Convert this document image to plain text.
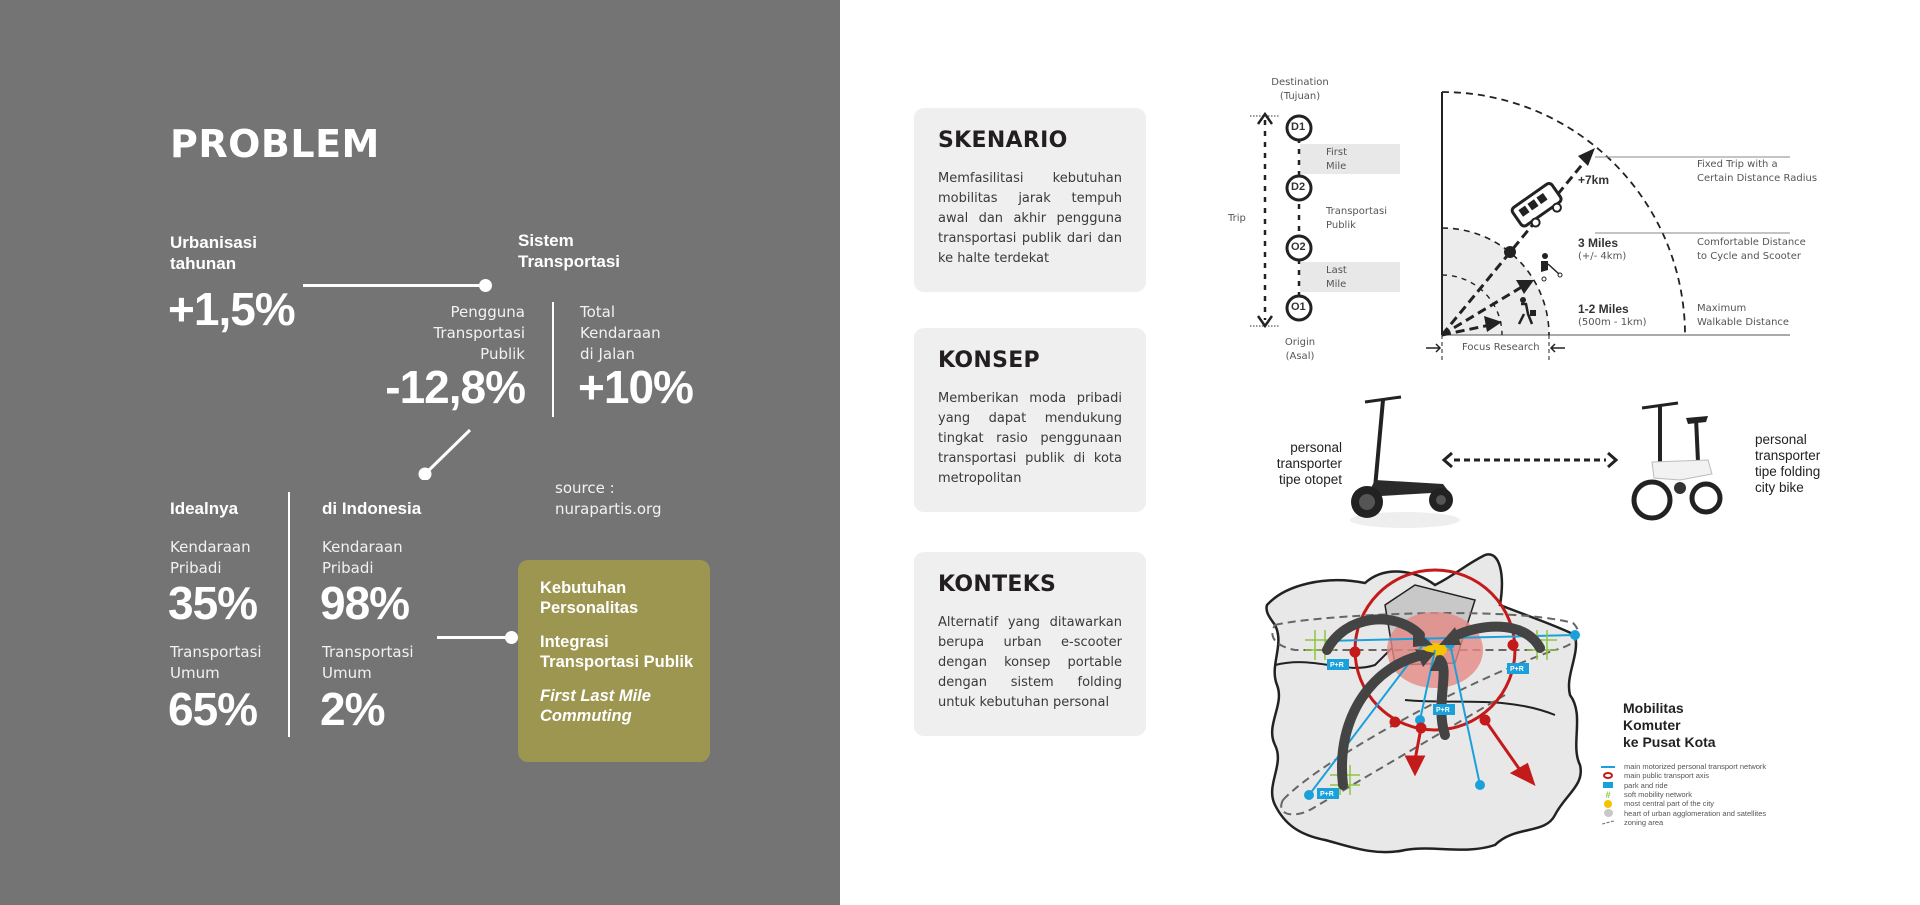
PROBLEM
Urbanisasi
tahunan
+1,5%
Sistem
Transportasi
Pengguna
Transportasi
Publik
-12,8%
Total
Kendaraan
di Jalan
+10%
Idealnya
Kendaraan
Pribadi
35%
Transportasi
Umum
65%
di Indonesia
Kendaraan
Pribadi
98%
Transportasi
Umum
2%
source :
nurapartis.org
Kebutuhan
Personalitas
Integrasi
Transportasi Publik
First Last Mile
Commuting
SKENARIO
Memfasilitasi kebutuhan mobilitas jarak tempuh awal dan akhir pengguna transportasi publik dari dan ke halte terdekat
KONSEP
Memberikan moda pribadi yang dapat mendukung tingkat rasio penggunaan transportasi publik di kota metropolitan
KONTEKS
Alternatif yang ditawarkan berupa urban e-scooter dengan konsep portable dengan sistem folding untuk kebutuhan personal
Destination
(Tujuan)
D1
D2
O2
O1
Trip
First
Mile
Transportasi
Publik
Last
Mile
Origin
(Asal)
Focus Research
+7km
Fixed Trip with a
Certain Distance Radius
3 Miles
(+/- 4km)
Comfortable Distance
to Cycle and Scooter
1-2 Miles
(500m - 1km)
Maximum
Walkable Distance
personal
transporter
tipe otopet
personal
transporter
tipe folding
city bike
P+R
P+R
P+R
P+R
Mobilitas
Komuter
ke Pusat Kota
main motorized personal transport network
main public transport axis
park and ride
#	soft mobility network
most central part of the city
heart of urban agglomeration and satellites
zoning area
